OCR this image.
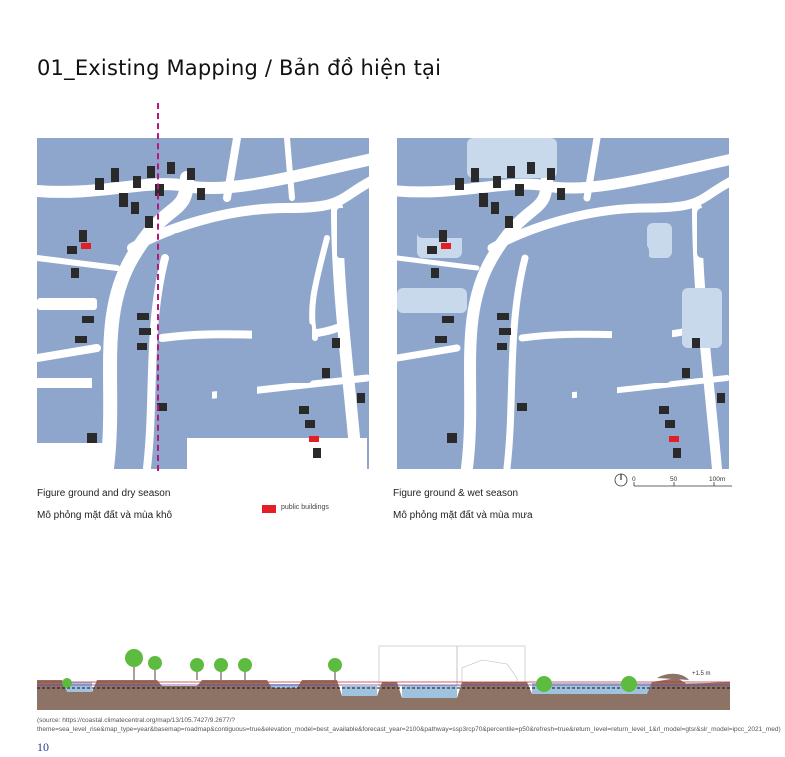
01_Existing Mapping / Bản đồ hiện tại
Figure ground and dry season
Mô phỏng mặt đất và mùa khô
public buildings
Figure ground & wet season
Mô phỏng mặt đất và mùa mưa
0	50	100m
+1.5 m
(source: https://coastal.climatecentral.org/map/13/105.7427/9.2677/?theme=sea_level_rise&map_type=year&basemap=roadmap&contiguous=true&elevation_model=best_available&forecast_year=2100&pathway=ssp3rcp70&percentile=p50&refresh=true&return_level=return_level_1&rl_model=gtsr&slr_model=ipcc_2021_med)
10
